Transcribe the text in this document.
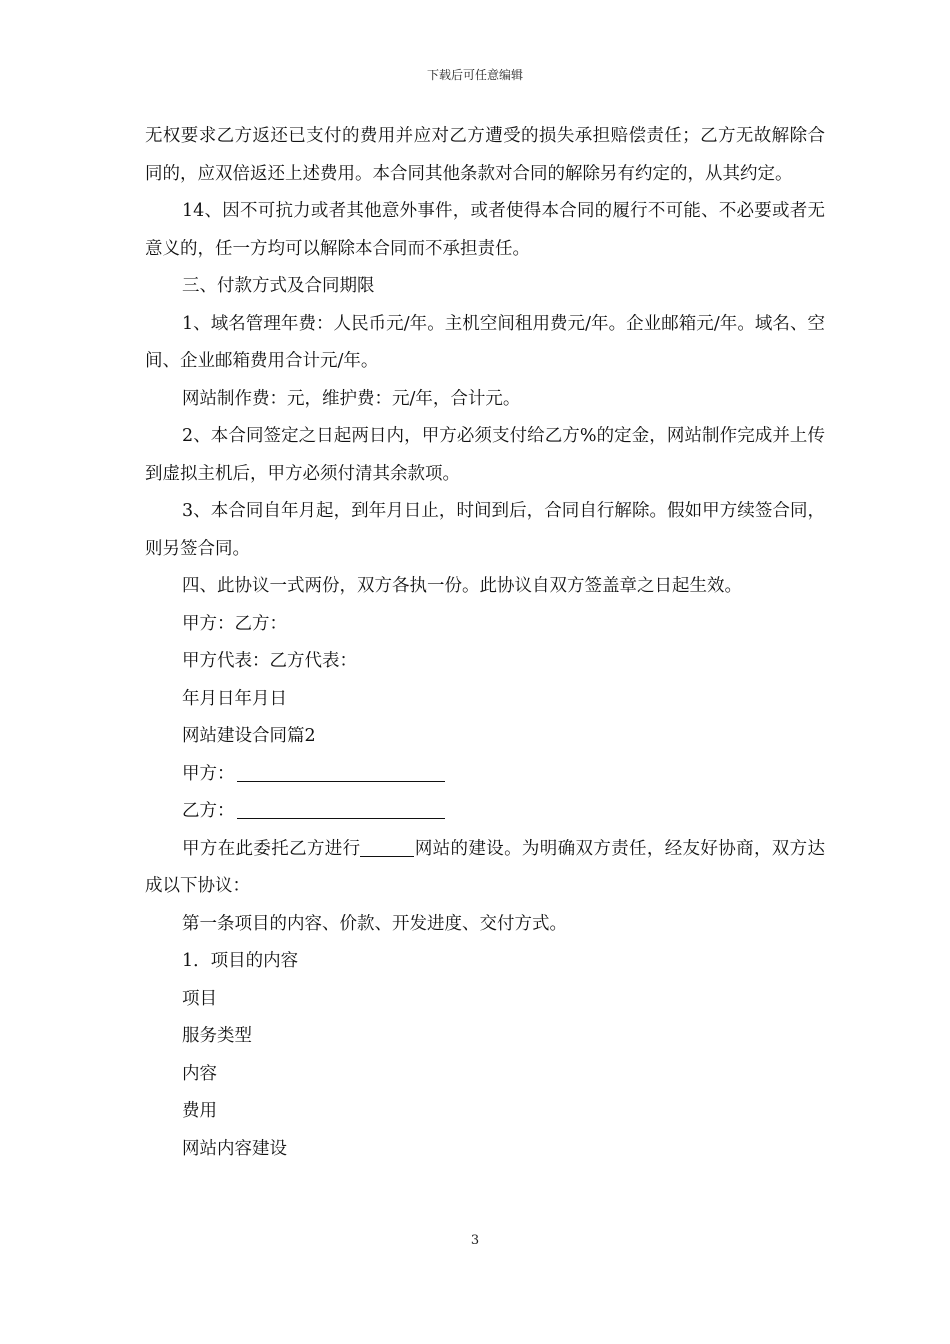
下载后可任意编辑

无权要求乙方返还已支付的费用并应对乙方遭受的损失承担赔偿责任；乙方无故解除合同的，应双倍返还上述费用。本合同其他条款对合同的解除另有约定的，从其约定。

14、因不可抗力或者其他意外事件，或者使得本合同的履行不可能、不必要或者无意义的，任一方均可以解除本合同而不承担责任。

三、付款方式及合同期限

1、域名管理年费：人民币元/年。主机空间租用费元/年。企业邮箱元/年。域名、空间、企业邮箱费用合计元/年。

网站制作费：元，维护费：元/年，合计元。

2、本合同签定之日起两日内，甲方必须支付给乙方%的定金，网站制作完成并上传到虚拟主机后，甲方必须付清其余款项。

3、本合同自年月起，到年月日止，时间到后，合同自行解除。假如甲方续签合同，则另签合同。

四、此协议一式两份，双方各执一份。此协议自双方签盖章之日起生效。

甲方：乙方：

甲方代表：乙方代表：

年月日年月日

网站建设合同篇2

甲方：

乙方：

甲方在此委托乙方进行	网站的建设。为明确双方责任，经友好协商，双方达成以下协议：

第一条项目的内容、价款、开发进度、交付方式。

1．项目的内容

项目

服务类型

内容

费用

网站内容建设

3
